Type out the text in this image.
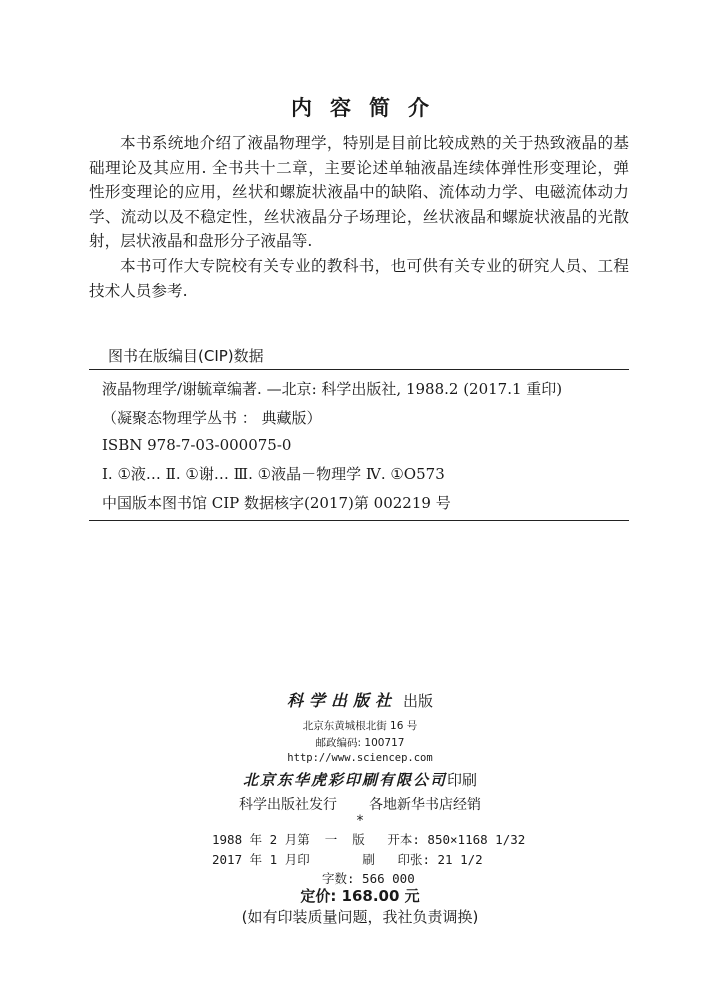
内容简介
本书系统地介绍了液晶物理学，特别是目前比较成熟的关于热致液晶的基础理论及其应用. 全书共十二章，主要论述单轴液晶连续体弹性形变理论，弹性形变理论的应用，丝状和螺旋状液晶中的缺陷、流体动力学、电磁流体动力学、流动以及不稳定性，丝状液晶分子场理论，丝状液晶和螺旋状液晶的光散射，层状液晶和盘形分子液晶等.
本书可作大专院校有关专业的教科书，也可供有关专业的研究人员、工程技术人员参考.
图书在版编目(CIP)数据
液晶物理学/谢毓章编著. —北京: 科学出版社, 1988.2 (2017.1 重印)
（凝聚态物理学丛书 ： 典藏版）
ISBN 978-7-03-000075-0
Ⅰ. ①液… Ⅱ. ①谢… Ⅲ. ①液晶－物理学 Ⅳ. ①O573
中国版本图书馆 CIP 数据核字(2017)第 002219 号
科学出版社 出版
北京东黄城根北街 16 号
邮政编码: 100717
http://www.sciencep.com
北京东华虎彩印刷有限公司印刷
科学出版社发行 各地新华书店经销
*
1988 年 2 月第  一  版   开本: 850×1168 1/32
2017 年 1 月印       刷   印张: 21 1/2
字数: 566 000
定价: 168.00 元
(如有印装质量问题，我社负责调换)
